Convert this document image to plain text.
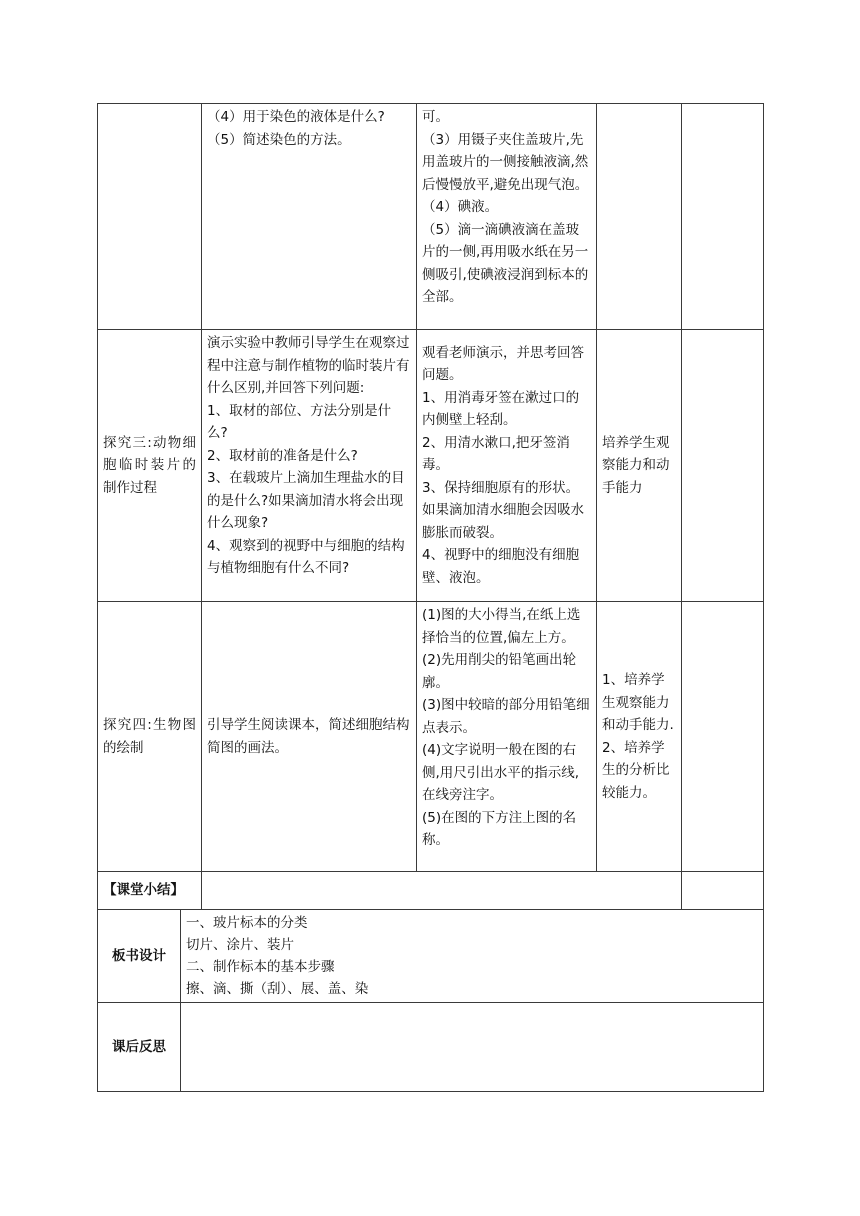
	（4）用于染色的液体是什么?
（5）简述染色的方法。	可。
（3）用镊子夹住盖玻片,先用盖玻片的一侧接触液滴,然后慢慢放平,避免出现气泡。
（4）碘液。
（5）滴一滴碘液滴在盖玻片的一侧,再用吸水纸在另一侧吸引,使碘液浸润到标本的全部。		

探究三:动物细胞临时装片的制作过程	演示实验中教师引导学生在观察过程中注意与制作植物的临时装片有什么区别,并回答下列问题:
1、取材的部位、方法分别是什么?
2、取材前的准备是什么?
3、在载玻片上滴加生理盐水的目的是什么?如果滴加清水将会出现什么现象?
4、观察到的视野中与细胞的结构与植物细胞有什么不同?	观看老师演示，并思考回答问题。
1、用消毒牙签在漱过口的内侧壁上轻刮。
2、用清水漱口,把牙签消毒。
3、保持细胞原有的形状。如果滴加清水细胞会因吸水膨胀而破裂。
4、视野中的细胞没有细胞壁、液泡。	培养学生观察能力和动手能力	
探究四:生物图的绘制	引导学生阅读课本，简述细胞结构简图的画法。	(1)图的大小得当,在纸上选择恰当的位置,偏左上方。
(2)先用削尖的铅笔画出轮廓。
(3)图中较暗的部分用铅笔细点表示。
(4)文字说明一般在图的右侧,用尺引出水平的指示线,在线旁注字。
(5)在图的下方注上图的名称。	1、培养学生观察能力和动手能力.
2、培养学生的分析比较能力。	

【课堂小结】				
板书设计	一、玻片标本的分类
切片、涂片、装片
二、制作标本的基本步骤
擦、滴、撕（刮）、展、盖、染

课后反思	
